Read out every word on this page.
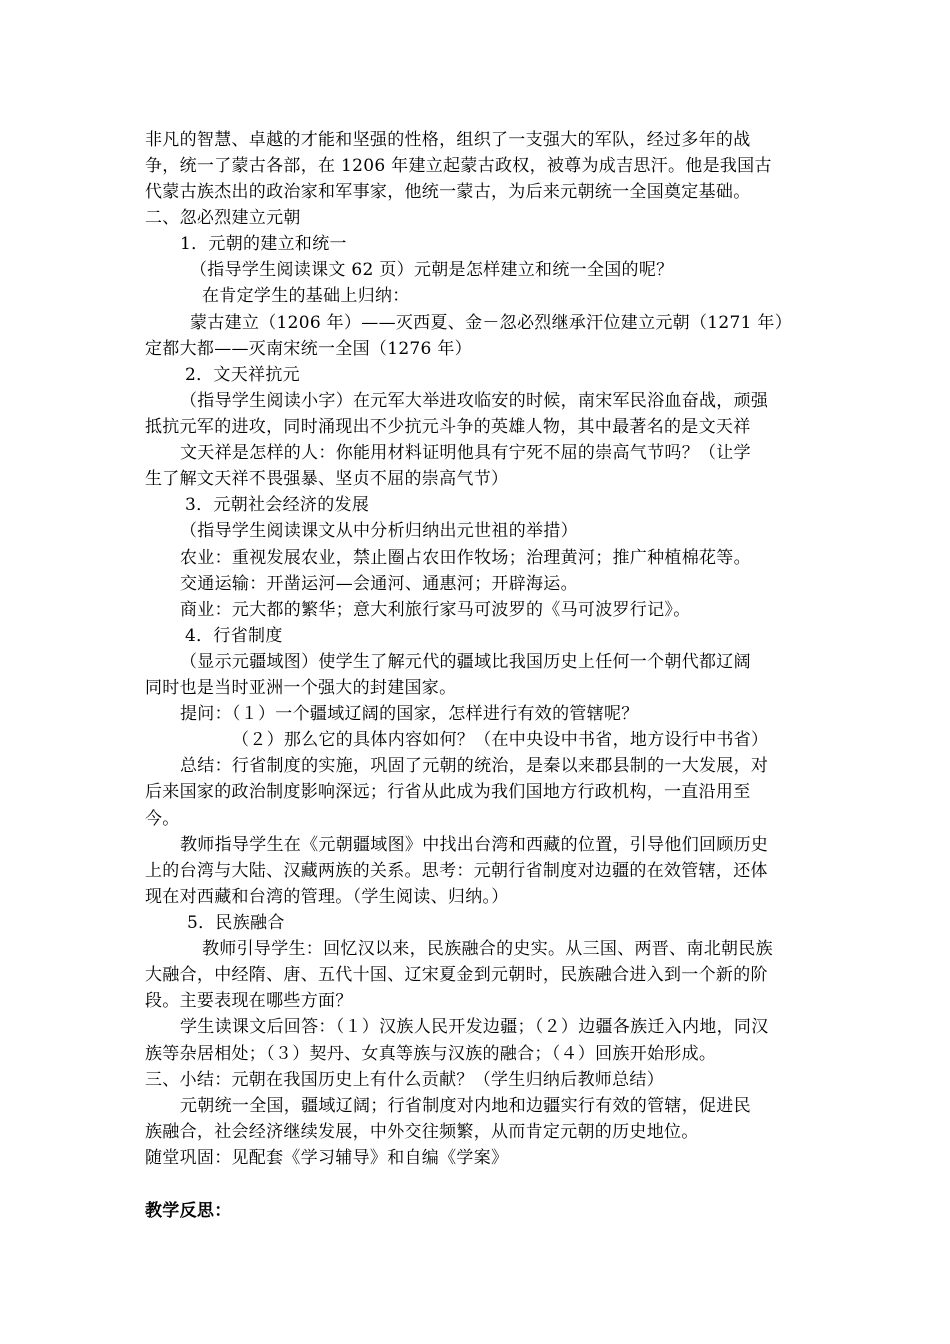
非凡的智慧、卓越的才能和坚强的性格，组织了一支强大的军队，经过多年的战
争，统一了蒙古各部，在 1206 年建立起蒙古政权，被尊为成吉思汗。他是我国古
代蒙古族杰出的政治家和军事家，他统一蒙古，为后来元朝统一全国奠定基础。
二、忽必烈建立元朝
1．元朝的建立和统一
（指导学生阅读课文 62 页）元朝是怎样建立和统一全国的呢？
在肯定学生的基础上归纳：
蒙古建立（1206 年）——灭西夏、金－忽必烈继承汗位建立元朝（1271 年）
定都大都——灭南宋统一全国（1276 年）
2．文天祥抗元
（指导学生阅读小字）在元军大举进攻临安的时候，南宋军民浴血奋战，顽强
抵抗元军的进攻，同时涌现出不少抗元斗争的英雄人物，其中最著名的是文天祥
文天祥是怎样的人：你能用材料证明他具有宁死不屈的崇高气节吗？（让学
生了解文天祥不畏强暴、坚贞不屈的崇高气节）
3．元朝社会经济的发展
（指导学生阅读课文从中分析归纳出元世祖的举措）
农业：重视发展农业，禁止圈占农田作牧场；治理黄河；推广种植棉花等。
交通运输：开凿运河—会通河、通惠河；开辟海运。
商业：元大都的繁华；意大利旅行家马可波罗的《马可波罗行记》。
4．行省制度
（显示元疆域图）使学生了解元代的疆域比我国历史上任何一个朝代都辽阔
同时也是当时亚洲一个强大的封建国家。
提问：（１）一个疆域辽阔的国家，怎样进行有效的管辖呢？
（２）那么它的具体内容如何？（在中央设中书省，地方设行中书省）
总结：行省制度的实施，巩固了元朝的统治，是秦以来郡县制的一大发展，对
后来国家的政治制度影响深远；行省从此成为我们国地方行政机构，一直沿用至
今。
教师指导学生在《元朝疆域图》中找出台湾和西藏的位置，引导他们回顾历史
上的台湾与大陆、汉藏两族的关系。思考：元朝行省制度对边疆的在效管辖，还体
现在对西藏和台湾的管理。（学生阅读、归纳。）
5．民族融合
教师引导学生：回忆汉以来，民族融合的史实。从三国、两晋、南北朝民族
大融合，中经隋、唐、五代十国、辽宋夏金到元朝时，民族融合进入到一个新的阶
段。主要表现在哪些方面？
学生读课文后回答：（１）汉族人民开发边疆；（２）边疆各族迁入内地，同汉
族等杂居相处；（３）契丹、女真等族与汉族的融合；（４）回族开始形成。
三、小结：元朝在我国历史上有什么贡献？（学生归纳后教师总结）
元朝统一全国，疆域辽阔；行省制度对内地和边疆实行有效的管辖，促进民
族融合，社会经济继续发展，中外交往频繁，从而肯定元朝的历史地位。
随堂巩固：见配套《学习辅导》和自编《学案》
教学反思：
